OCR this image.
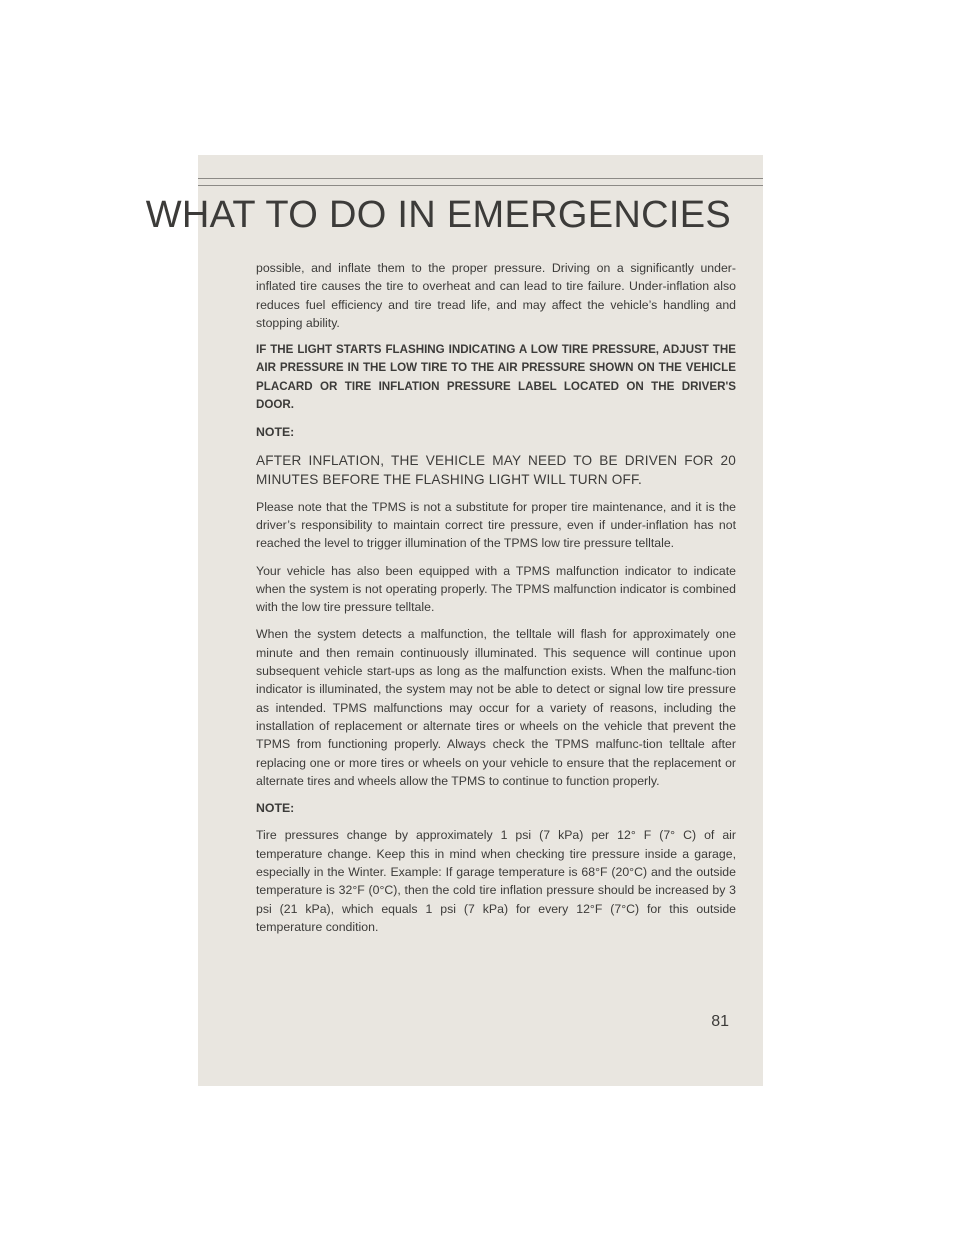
WHAT TO DO IN EMERGENCIES

possible, and inflate them to the proper pressure. Driving on a significantly under-inflated tire causes the tire to overheat and can lead to tire failure. Under-inflation also reduces fuel efficiency and tire tread life, and may affect the vehicle’s handling and stopping ability.

IF THE LIGHT STARTS FLASHING INDICATING A LOW TIRE PRESSURE, ADJUST THE AIR PRESSURE IN THE LOW TIRE TO THE AIR PRESSURE SHOWN ON THE VEHICLE PLACARD OR TIRE INFLATION PRESSURE LABEL LOCATED ON THE DRIVER'S DOOR.

NOTE:

AFTER INFLATION, THE VEHICLE MAY NEED TO BE DRIVEN FOR 20 MINUTES BEFORE THE FLASHING LIGHT WILL TURN OFF.

Please note that the TPMS is not a substitute for proper tire maintenance, and it is the driver’s responsibility to maintain correct tire pressure, even if under-inflation has not reached the level to trigger illumination of the TPMS low tire pressure telltale.

Your vehicle has also been equipped with a TPMS malfunction indicator to indicate when the system is not operating properly. The TPMS malfunction indicator is combined with the low tire pressure telltale.

When the system detects a malfunction, the telltale will flash for approximately one minute and then remain continuously illuminated. This sequence will continue upon subsequent vehicle start-ups as long as the malfunction exists. When the malfunc-tion indicator is illuminated, the system may not be able to detect or signal low tire pressure as intended. TPMS malfunctions may occur for a variety of reasons, including the installation of replacement or alternate tires or wheels on the vehicle that prevent the TPMS from functioning properly. Always check the TPMS malfunc-tion telltale after replacing one or more tires or wheels on your vehicle to ensure that the replacement or alternate tires and wheels allow the TPMS to continue to function properly.

NOTE:

Tire pressures change by approximately 1 psi (7 kPa) per 12° F (7° C) of air temperature change. Keep this in mind when checking tire pressure inside a garage, especially in the Winter. Example: If garage temperature is 68°F (20°C) and the outside temperature is 32°F (0°C), then the cold tire inflation pressure should be increased by 3 psi (21 kPa), which equals 1 psi (7 kPa) for every 12°F (7°C) for this outside temperature condition.

81
